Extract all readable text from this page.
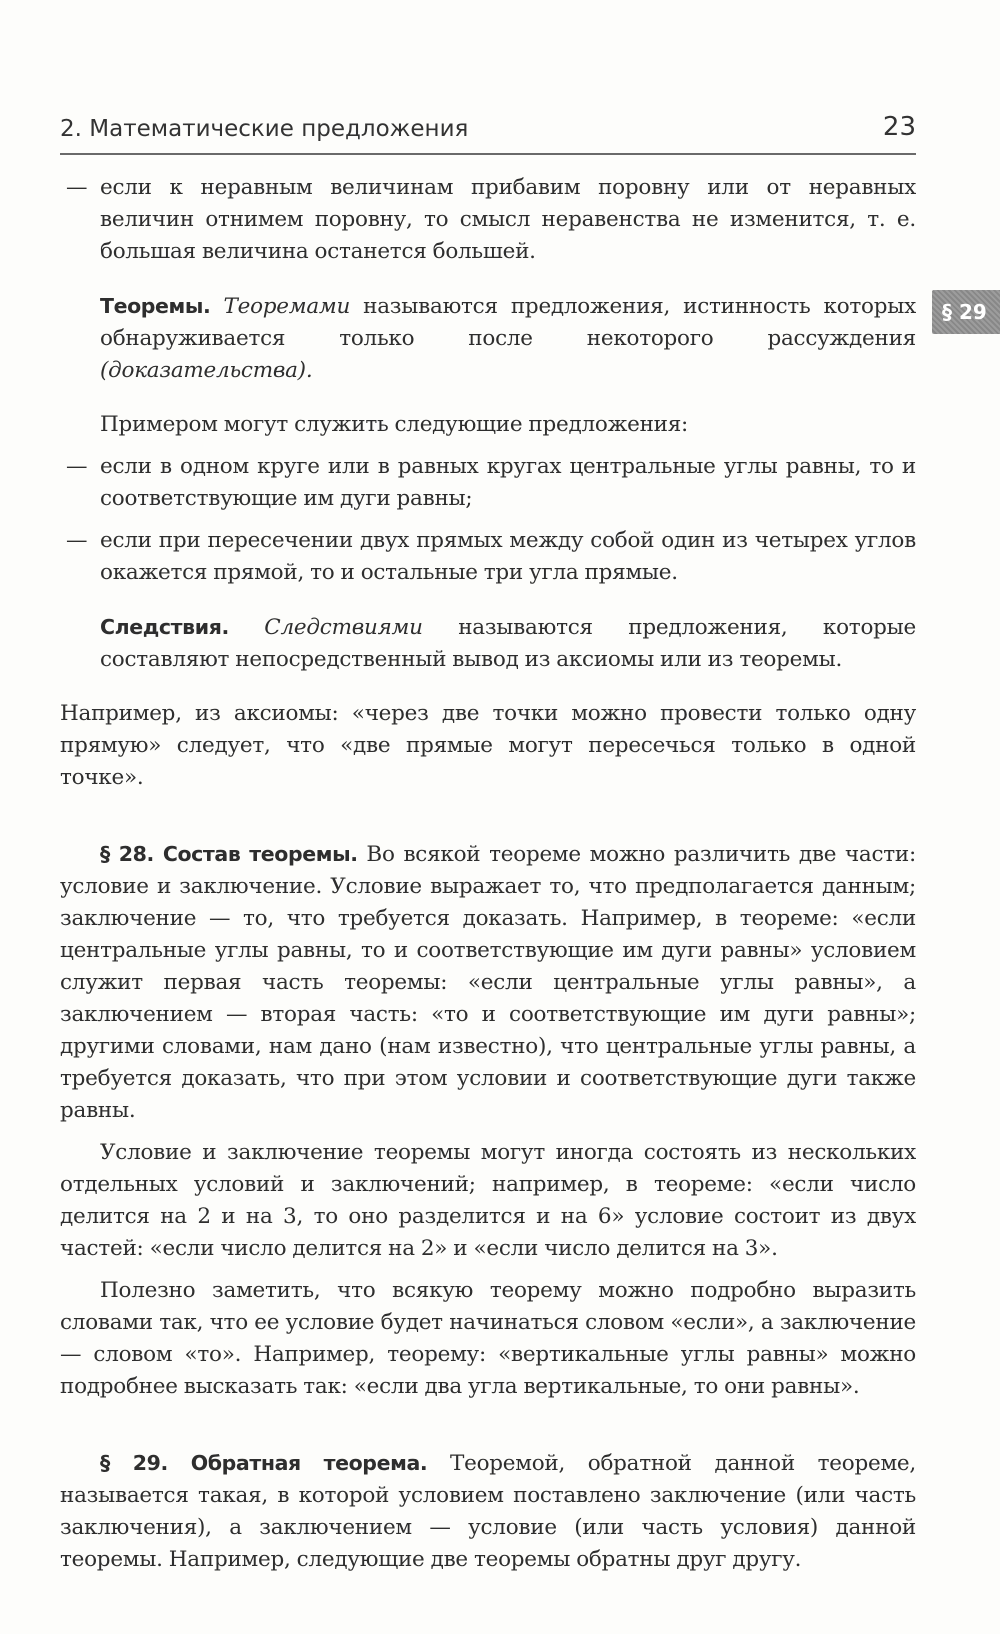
2. Математические предложения	23
§ 29

— если к неравным величинам прибавим поровну или от неравных величин отнимем поровну, то смысл неравенства не изменится, т. е. большая величина останется большей.

Теоремы. Теоремами называются предложения, истинность которых обнаруживается только после некоторого рассуждения (доказательства).

Примером могут служить следующие предложения:

— если в одном круге или в равных кругах центральные углы равны, то и соответствующие им дуги равны;

— если при пересечении двух прямых между собой один из четырех углов окажется прямой, то и остальные три угла прямые.

Следствия. Следствиями называются предложения, которые составляют непосредственный вывод из аксиомы или из теоремы.

Например, из аксиомы: «через две точки можно провести только одну прямую» следует, что «две прямые могут пересечься только в одной точке».

§ 28. Состав теоремы. Во всякой теореме можно различить две части: условие и заключение. Условие выражает то, что предполагается данным; заключение — то, что требуется доказать. Например, в теореме: «если центральные углы равны, то и соответствующие им дуги равны» условием служит первая часть теоремы: «если центральные углы равны», а заключением — вторая часть: «то и соответствующие им дуги равны»; другими словами, нам дано (нам известно), что центральные углы равны, а требуется доказать, что при этом условии и соответствующие дуги также равны.

Условие и заключение теоремы могут иногда состоять из нескольких отдельных условий и заключений; например, в теореме: «если число делится на 2 и на 3, то оно разделится и на 6» условие состоит из двух частей: «если число делится на 2» и «если число делится на 3».

Полезно заметить, что всякую теорему можно подробно выразить словами так, что ее условие будет начинаться словом «если», а заключение — словом «то». Например, теорему: «вертикальные углы равны» можно подробнее высказать так: «если два угла вертикальные, то они равны».

§ 29. Обратная теорема. Теоремой, обратной данной теореме, называется такая, в которой условием поставлено заключение (или часть заключения), а заключением — условие (или часть условия) данной теоремы. Например, следующие две теоремы обратны друг другу.
